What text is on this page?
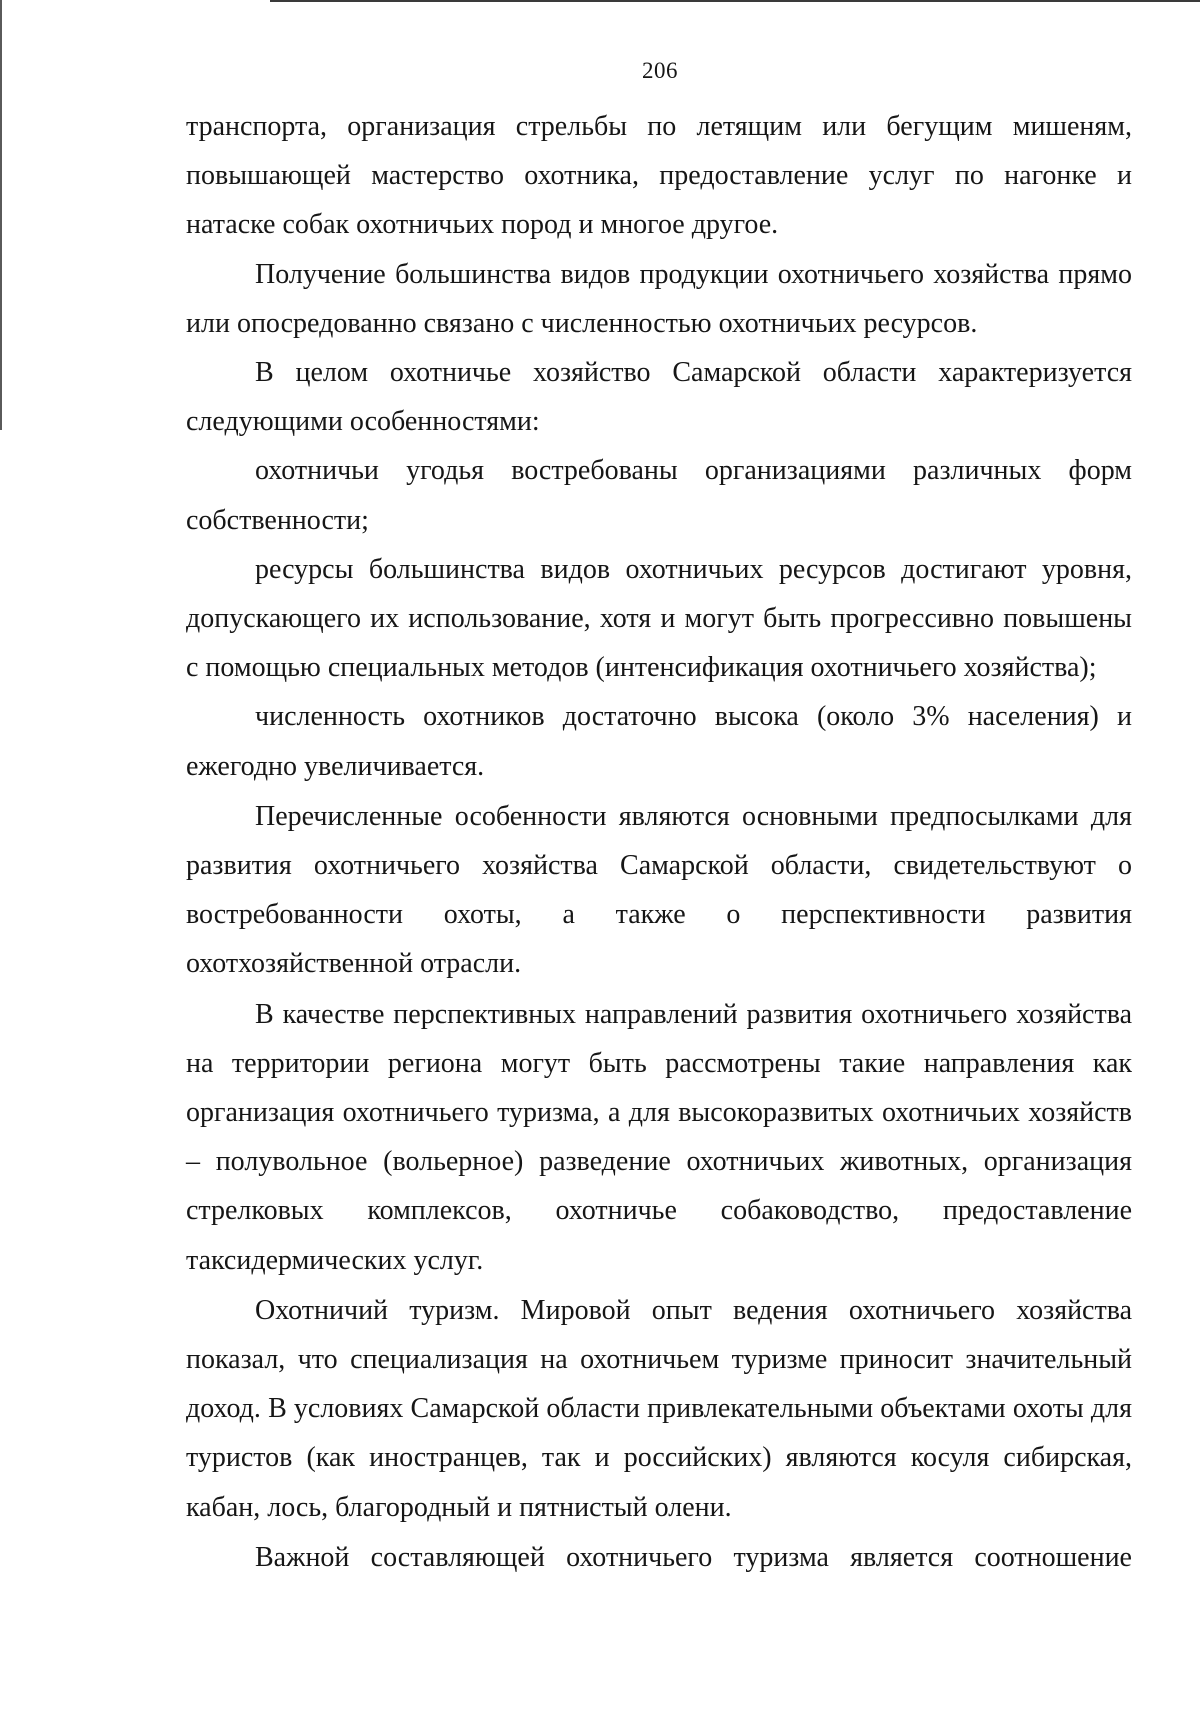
206

транспорта, организация стрельбы по летящим или бегущим мишеням, повышающей мастерство охотника, предоставление услуг по нагонке и натаске собак охотничьих пород и многое другое.

Получение большинства видов продукции охотничьего хозяйства прямо или опосредованно связано с численностью охотничьих ресурсов.

В целом охотничье хозяйство Самарской области характеризуется следующими особенностями:

охотничьи угодья востребованы организациями различных форм собственности;

ресурсы большинства видов охотничьих ресурсов достигают уровня, допускающего их использование, хотя и могут быть прогрессивно повышены с помощью специальных методов (интенсификация охотничьего хозяйства);

численность охотников достаточно высока (около 3% населения) и ежегодно увеличивается.

Перечисленные особенности являются основными предпосылками для развития охотничьего хозяйства Самарской области, свидетельствуют о востребованности охоты, а также о перспективности развития охотхозяйственной отрасли.

В качестве перспективных направлений развития охотничьего хозяйства на территории региона могут быть рассмотрены такие направления как организация охотничьего туризма, а для высокоразвитых охотничьих хозяйств – полувольное (вольерное) разведение охотничьих животных, организация стрелковых комплексов, охотничье собаководство, предоставление таксидермических услуг.

Охотничий туризм. Мировой опыт ведения охотничьего хозяйства показал, что специализация на охотничьем туризме приносит значительный доход. В условиях Самарской области привлекательными объектами охоты для туристов (как иностранцев, так и российских) являются косуля сибирская, кабан, лось, благородный и пятнистый олени.

Важной составляющей охотничьего туризма является соотношение
